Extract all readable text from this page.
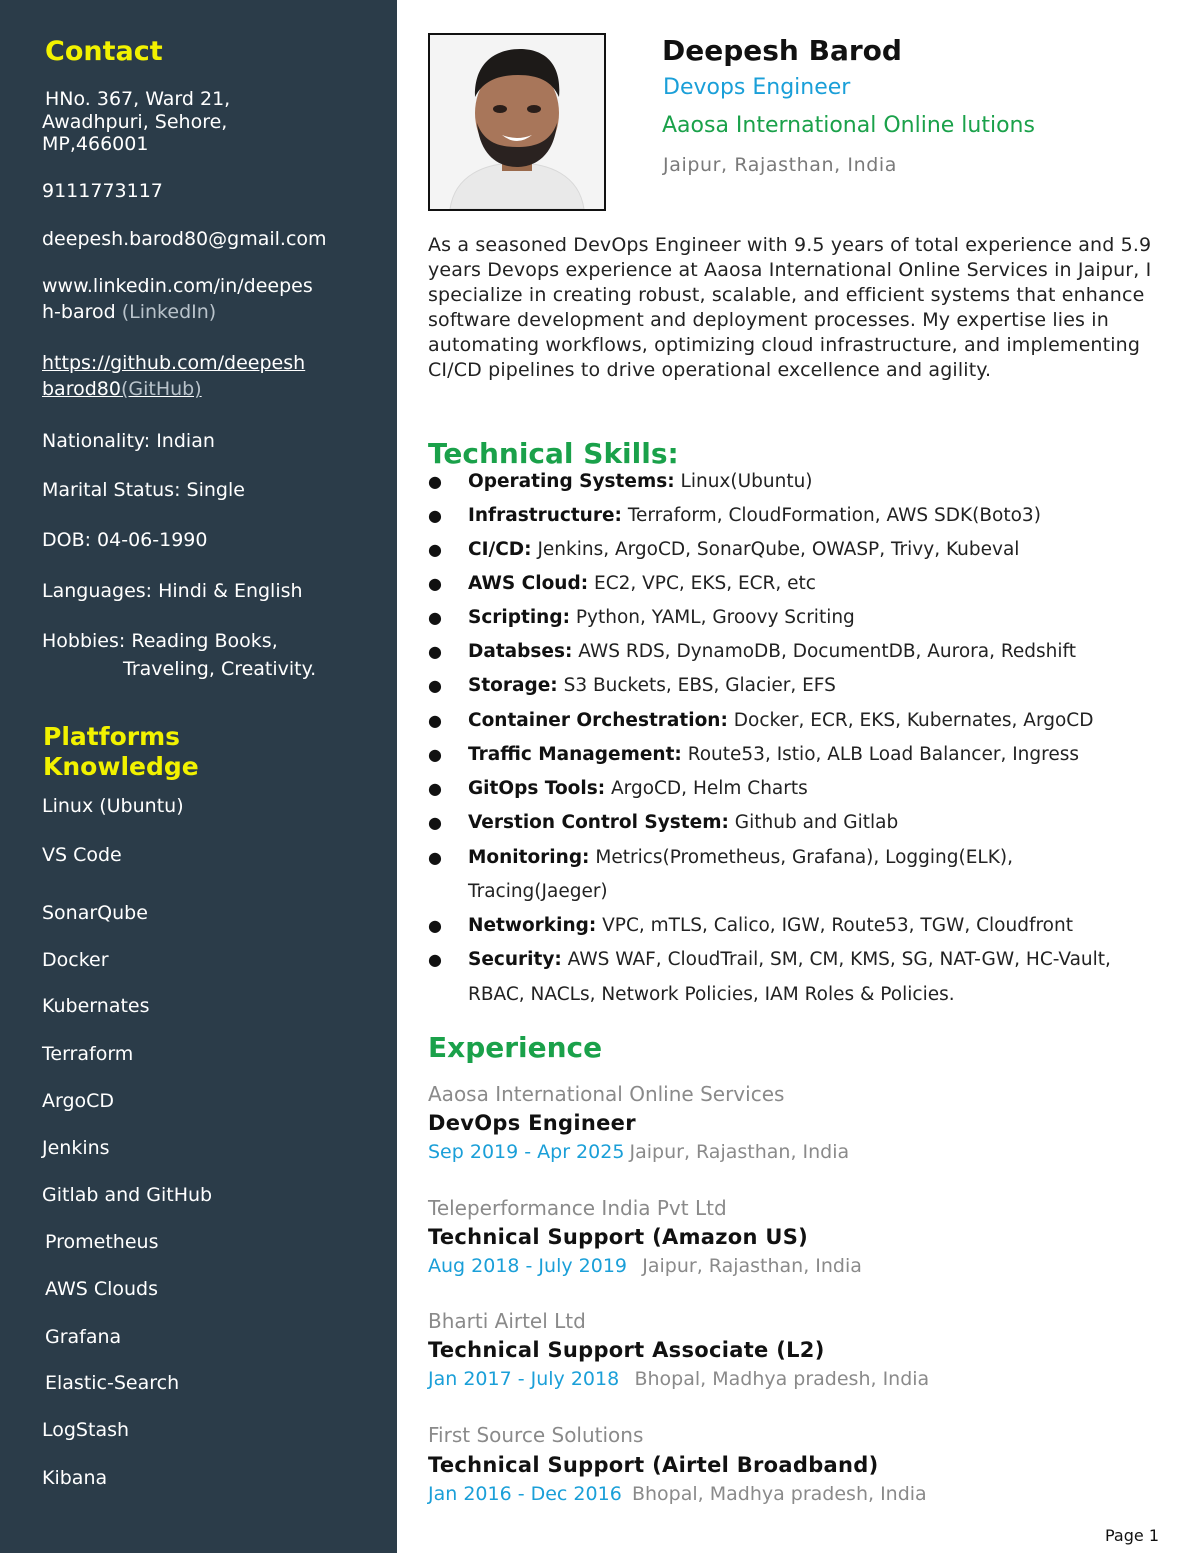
Contact
HNo. 367, Ward 21,
Awadhpuri, Sehore,
MP,466001
9111773117
deepesh.barod80@gmail.com
www.linkedin.com/in/deepes
h-barod (LinkedIn)
https://github.com/deepesh
barod80(GitHub)
Nationality: Indian
Marital Status: Single
DOB: 04-06-1990
Languages: Hindi & English
Hobbies: Reading Books,
Traveling, Creativity.
Platforms
Knowledge
Linux (Ubuntu)
VS Code
SonarQube
Docker
Kubernates
Terraform
ArgoCD
Jenkins
Gitlab and GitHub
Prometheus
AWS Clouds
Grafana
Elastic-Search
LogStash
Kibana
Deepesh Barod
Devops Engineer
Aaosa International Online lutions
Jaipur, Rajasthan, India
As a seasoned DevOps Engineer with 9.5 years of total experience and 5.9 years Devops experience at Aaosa International Online Services in Jaipur, I specialize in creating robust, scalable, and efficient systems that enhance software development and deployment processes. My expertise lies in automating workflows, optimizing cloud infrastructure, and implementing CI/CD pipelines to drive operational excellence and agility.
Technical Skills:
● Operating Systems: Linux(Ubuntu)
● Infrastructure: Terraform, CloudFormation, AWS SDK(Boto3)
● CI/CD: Jenkins, ArgoCD, SonarQube, OWASP, Trivy, Kubeval
● AWS Cloud: EC2, VPC, EKS, ECR, etc
● Scripting: Python, YAML, Groovy Scriting
● Databses: AWS RDS, DynamoDB, DocumentDB, Aurora, Redshift
● Storage: S3 Buckets, EBS, Glacier, EFS
● Container Orchestration: Docker, ECR, EKS, Kubernates, ArgoCD
● Traffic Management: Route53, Istio, ALB Load Balancer, Ingress
● GitOps Tools: ArgoCD, Helm Charts
● Verstion Control System: Github and Gitlab
● Monitoring: Metrics(Prometheus, Grafana), Logging(ELK),
Tracing(Jaeger)
● Networking: VPC, mTLS, Calico, IGW, Route53, TGW, Cloudfront
● Security: AWS WAF, CloudTrail, SM, CM, KMS, SG, NAT-GW, HC-Vault,
RBAC, NACLs, Network Policies, IAM Roles & Policies.
Experience
Aaosa International Online Services
DevOps Engineer
Sep 2019 - Apr 2025 Jaipur, Rajasthan, India
Teleperformance India Pvt Ltd
Technical Support (Amazon US)
Aug 2018 - July 2019 Jaipur, Rajasthan, India
Bharti Airtel Ltd
Technical Support Associate (L2)
Jan 2017 - July 2018 Bhopal, Madhya pradesh, India
First Source Solutions
Technical Support (Airtel Broadband)
Jan 2016 - Dec 2016 Bhopal, Madhya pradesh, India
Page 1
